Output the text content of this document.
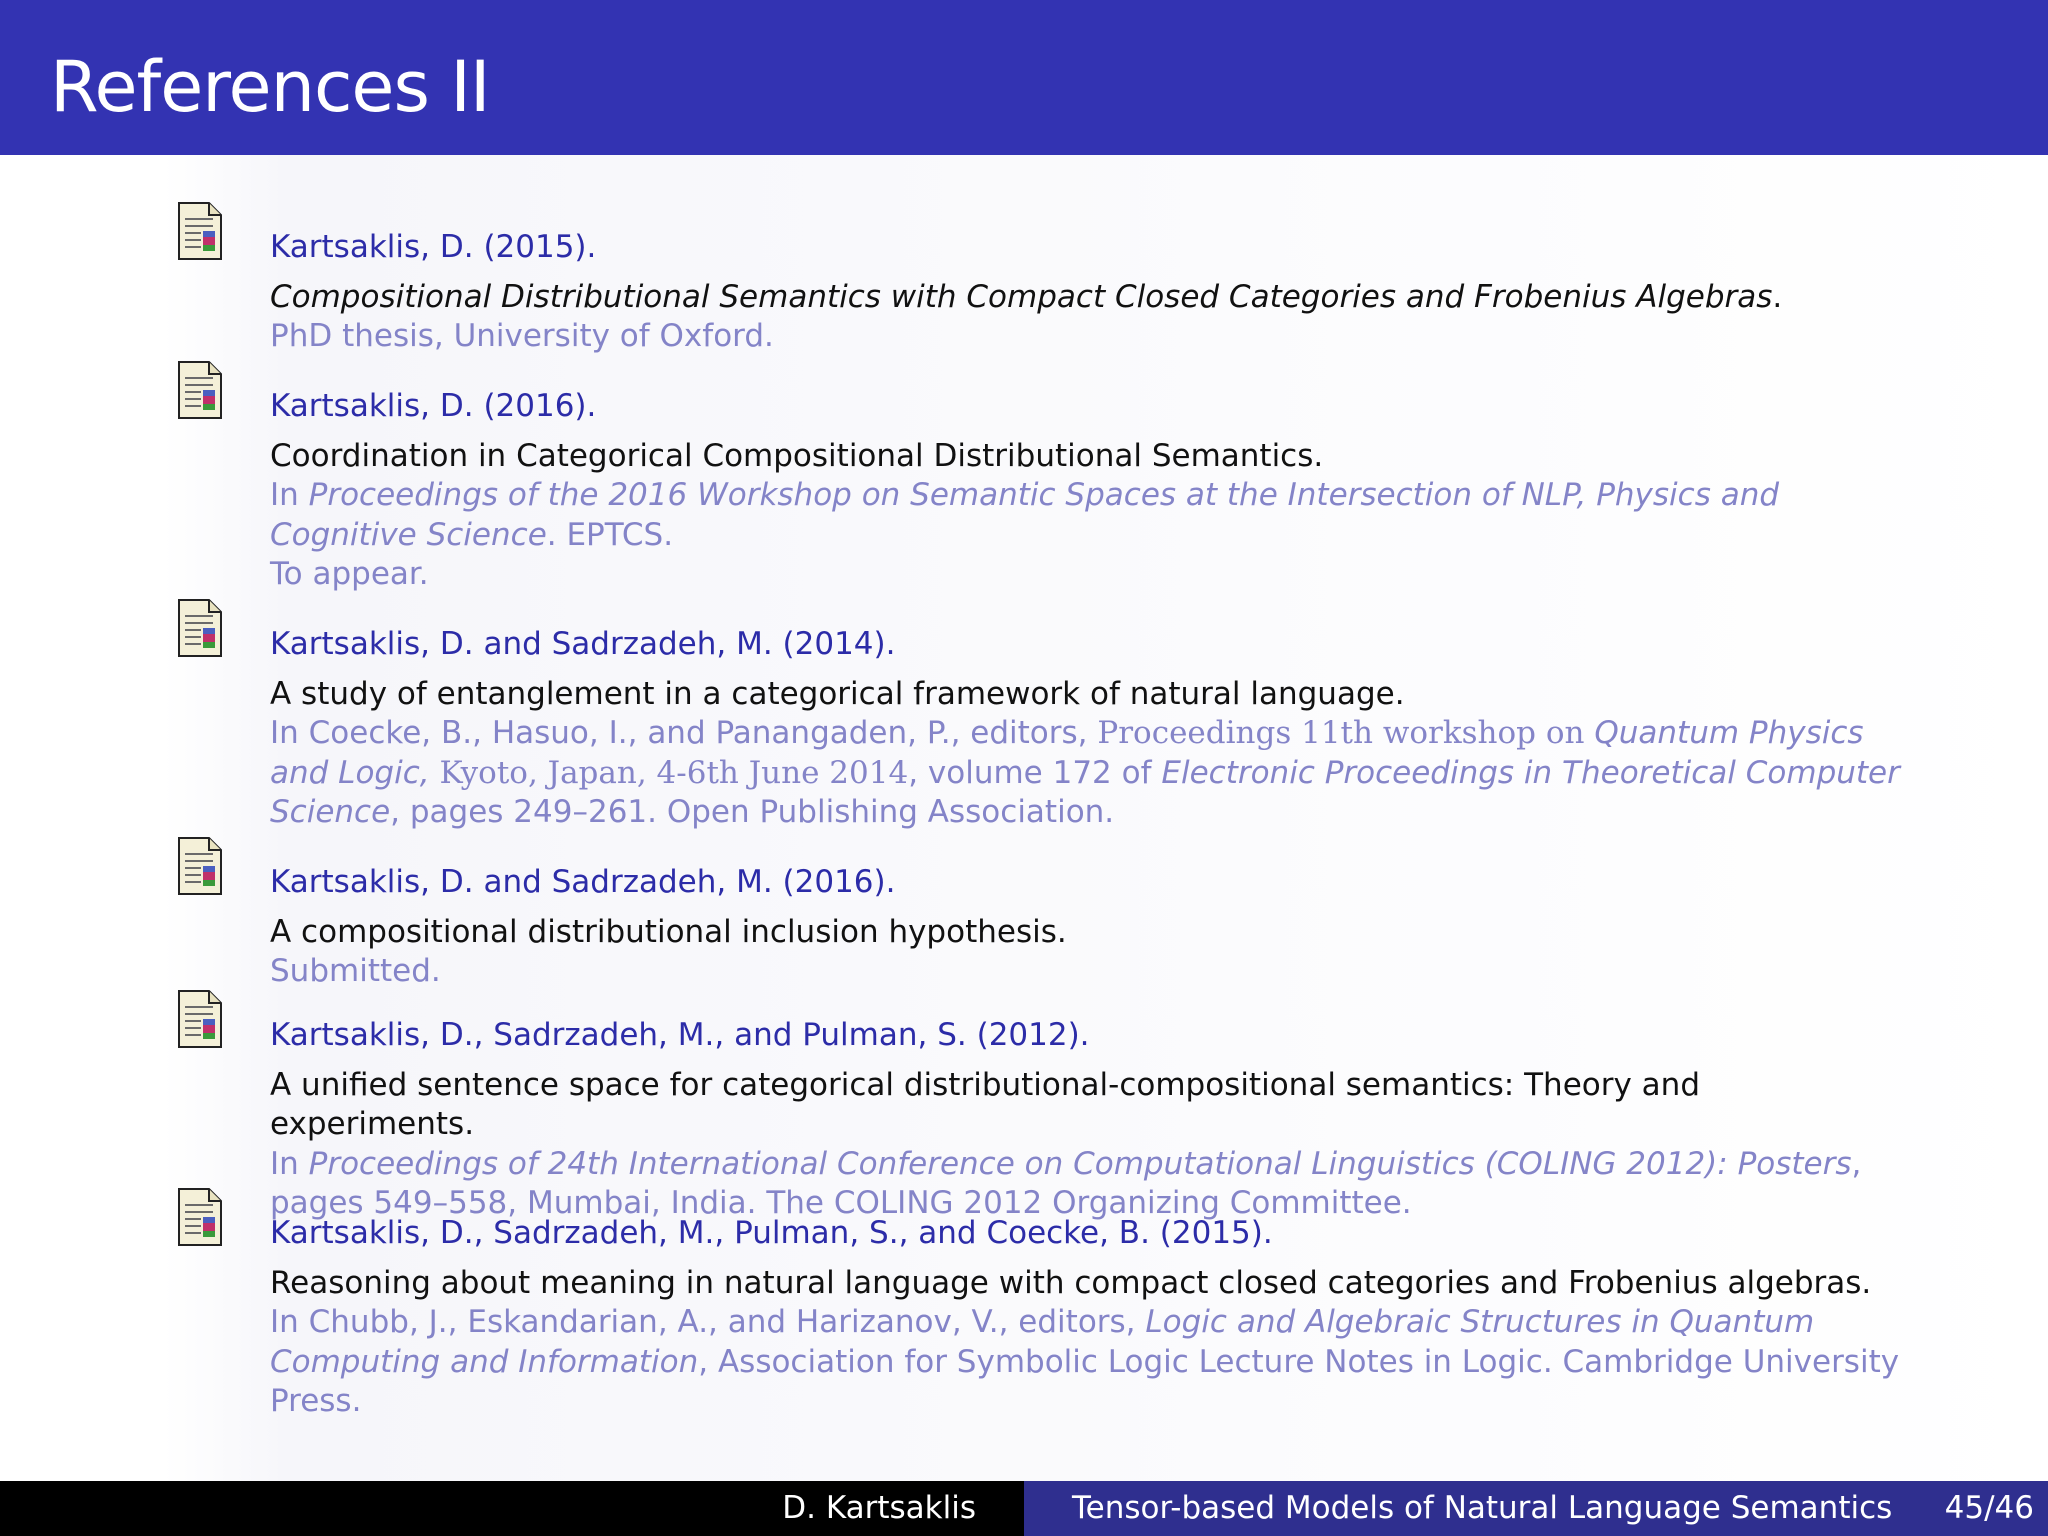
References II
Kartsaklis, D. (2015).
Compositional Distributional Semantics with Compact Closed Categories and Frobenius Algebras.
PhD thesis, University of Oxford.
Kartsaklis, D. (2016).
Coordination in Categorical Compositional Distributional Semantics.
In Proceedings of the 2016 Workshop on Semantic Spaces at the Intersection of NLP, Physics and Cognitive Science. EPTCS.
To appear.
Kartsaklis, D. and Sadrzadeh, M. (2014).
A study of entanglement in a categorical framework of natural language.
In Coecke, B., Hasuo, I., and Panangaden, P., editors, Proceedings 11th workshop on Quantum Physics and Logic, Kyoto, Japan, 4-6th June 2014, volume 172 of Electronic Proceedings in Theoretical Computer Science, pages 249–261. Open Publishing Association.
Kartsaklis, D. and Sadrzadeh, M. (2016).
A compositional distributional inclusion hypothesis.
Submitted.
Kartsaklis, D., Sadrzadeh, M., and Pulman, S. (2012).
A unified sentence space for categorical distributional-compositional semantics: Theory and experiments.
In Proceedings of 24th International Conference on Computational Linguistics (COLING 2012): Posters, pages 549–558, Mumbai, India. The COLING 2012 Organizing Committee.
Kartsaklis, D., Sadrzadeh, M., Pulman, S., and Coecke, B. (2015).
Reasoning about meaning in natural language with compact closed categories and Frobenius algebras.
In Chubb, J., Eskandarian, A., and Harizanov, V., editors, Logic and Algebraic Structures in Quantum Computing and Information, Association for Symbolic Logic Lecture Notes in Logic. Cambridge University Press.
D. Kartsaklis	Tensor-based Models of Natural Language Semantics 45/46
